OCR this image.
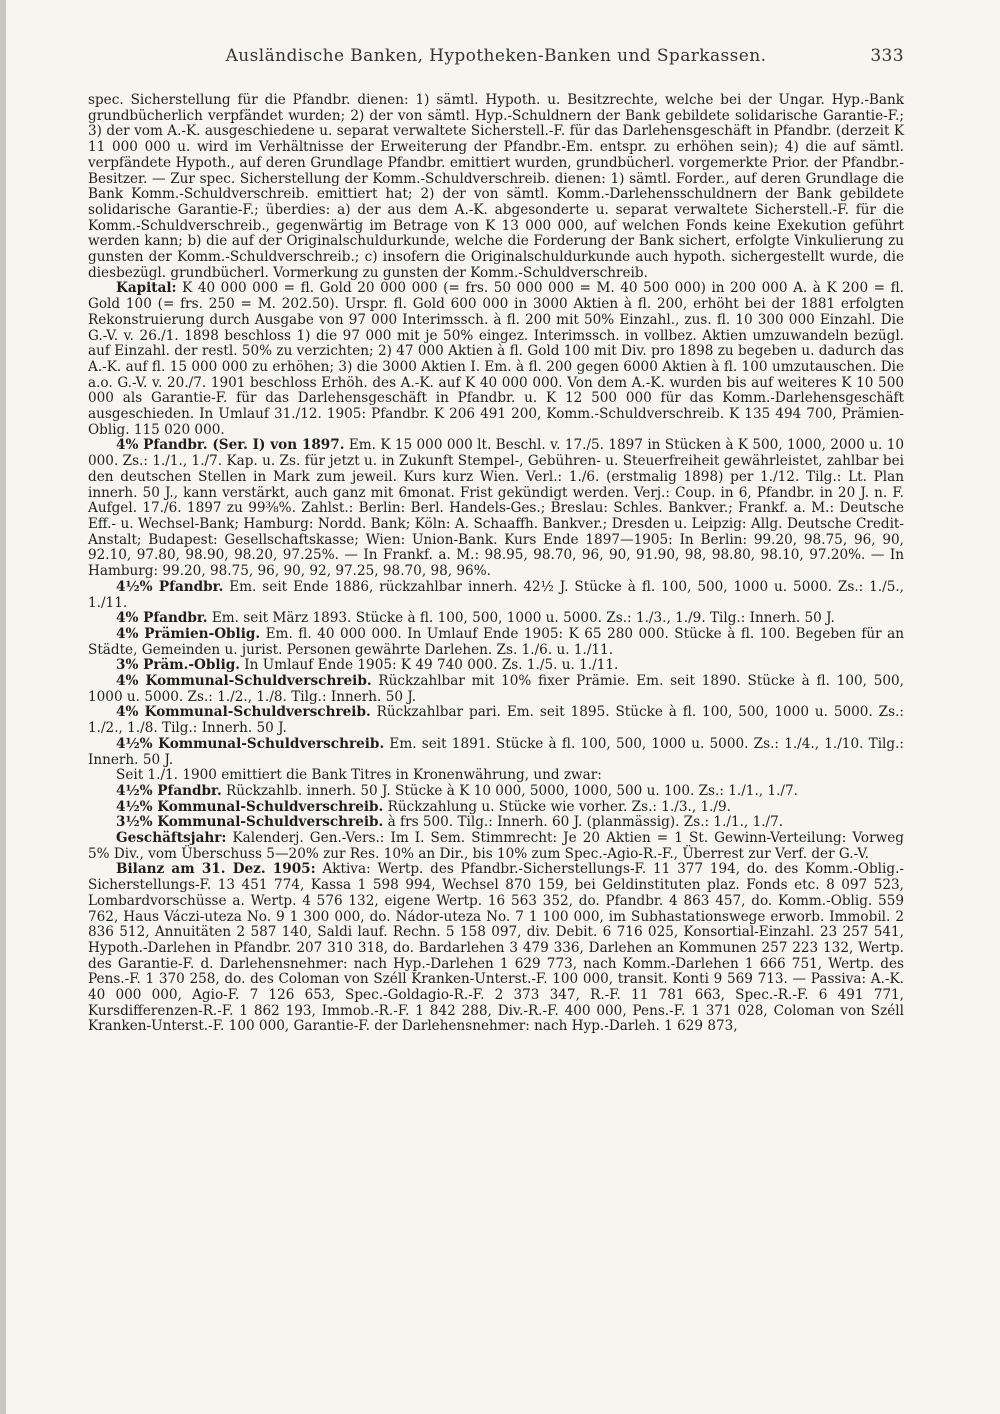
Ausländische Banken, Hypotheken-Banken und Sparkassen.	333

spec. Sicherstellung für die Pfandbr. dienen: 1) sämtl. Hypoth. u. Besitzrechte, welche bei der Ungar. Hyp.-Bank grundbücherlich verpfändet wurden; 2) der von sämtl. Hyp.-Schuldnern der Bank gebildete solidarische Garantie-F.; 3) der vom A.-K. ausgeschiedene u. separat verwaltete Sicherstell.-F. für das Darlehensgeschäft in Pfandbr. (derzeit K 11 000 000 u. wird im Verhältnisse der Erweiterung der Pfandbr.-Em. entspr. zu erhöhen sein); 4) die auf sämtl. verpfändete Hypoth., auf deren Grundlage Pfandbr. emittiert wurden, grundbücherl. vorgemerkte Prior. der Pfandbr.-Besitzer. — Zur spec. Sicherstellung der Komm.-Schuldverschreib. dienen: 1) sämtl. Forder., auf deren Grundlage die Bank Komm.-Schuldverschreib. emittiert hat; 2) der von sämtl. Komm.-Darlehensschuldnern der Bank gebildete solidarische Garantie-F.; überdies: a) der aus dem A.-K. abgesonderte u. separat verwaltete Sicherstell.-F. für die Komm.-Schuldverschreib., gegenwärtig im Betrage von K 13 000 000, auf welchen Fonds keine Exekution geführt werden kann; b) die auf der Originalschuldurkunde, welche die Forderung der Bank sichert, erfolgte Vinkulierung zu gunsten der Komm.-Schuldverschreib.; c) insofern die Originalschuldurkunde auch hypoth. sichergestellt wurde, die diesbezügl. grundbücherl. Vormerkung zu gunsten der Komm.-Schuldverschreib.

Kapital: K 40 000 000 = fl. Gold 20 000 000 (= frs. 50 000 000 = M. 40 500 000) in 200 000 A. à K 200 = fl. Gold 100 (= frs. 250 = M. 202.50). Urspr. fl. Gold 600 000 in 3000 Aktien à fl. 200, erhöht bei der 1881 erfolgten Rekonstruierung durch Ausgabe von 97 000 Interimssch. à fl. 200 mit 50% Einzahl., zus. fl. 10 300 000 Einzahl. Die G.-V. v. 26./1. 1898 beschloss 1) die 97 000 mit je 50% eingez. Interimssch. in vollbez. Aktien umzuwandeln bezügl. auf Einzahl. der restl. 50% zu verzichten; 2) 47 000 Aktien à fl. Gold 100 mit Div. pro 1898 zu begeben u. dadurch das A.-K. auf fl. 15 000 000 zu erhöhen; 3) die 3000 Aktien I. Em. à fl. 200 gegen 6000 Aktien à fl. 100 umzutauschen. Die a.o. G.-V. v. 20./7. 1901 beschloss Erhöh. des A.-K. auf K 40 000 000. Von dem A.-K. wurden bis auf weiteres K 10 500 000 als Garantie-F. für das Darlehensgeschäft in Pfandbr. u. K 12 500 000 für das Komm.-Darlehensgeschäft ausgeschieden. In Umlauf 31./12. 1905: Pfandbr. K 206 491 200, Komm.-Schuldverschreib. K 135 494 700, Prämien-Oblig. 115 020 000.

4% Pfandbr. (Ser. I) von 1897. Em. K 15 000 000 lt. Beschl. v. 17./5. 1897 in Stücken à K 500, 1000, 2000 u. 10 000. Zs.: 1./1., 1./7. Kap. u. Zs. für jetzt u. in Zukunft Stempel-, Gebühren- u. Steuerfreiheit gewährleistet, zahlbar bei den deutschen Stellen in Mark zum jeweil. Kurs kurz Wien. Verl.: 1./6. (erstmalig 1898) per 1./12. Tilg.: Lt. Plan innerh. 50 J., kann verstärkt, auch ganz mit 6monat. Frist gekündigt werden. Verj.: Coup. in 6, Pfandbr. in 20 J. n. F. Aufgel. 17./6. 1897 zu 99⅜%. Zahlst.: Berlin: Berl. Handels-Ges.; Breslau: Schles. Bankver.; Frankf. a. M.: Deutsche Eff.- u. Wechsel-Bank; Hamburg: Nordd. Bank; Köln: A. Schaaffh. Bankver.; Dresden u. Leipzig: Allg. Deutsche Credit-Anstalt; Budapest: Gesellschaftskasse; Wien: Union-Bank. Kurs Ende 1897—1905: In Berlin: 99.20, 98.75, 96, 90, 92.10, 97.80, 98.90, 98.20, 97.25%. — In Frankf. a. M.: 98.95, 98.70, 96, 90, 91.90, 98, 98.80, 98.10, 97.20%. — In Hamburg: 99.20, 98.75, 96, 90, 92, 97.25, 98.70, 98, 96%.

4½% Pfandbr. Em. seit Ende 1886, rückzahlbar innerh. 42½ J. Stücke à fl. 100, 500, 1000 u. 5000. Zs.: 1./5., 1./11.

4% Pfandbr. Em. seit März 1893. Stücke à fl. 100, 500, 1000 u. 5000. Zs.: 1./3., 1./9. Tilg.: Innerh. 50 J.

4% Prämien-Oblig. Em. fl. 40 000 000. In Umlauf Ende 1905: K 65 280 000. Stücke à fl. 100. Begeben für an Städte, Gemeinden u. jurist. Personen gewährte Darlehen. Zs. 1./6. u. 1./11.

3% Präm.-Oblig. In Umlauf Ende 1905: K 49 740 000. Zs. 1./5. u. 1./11.

4% Kommunal-Schuldverschreib. Rückzahlbar mit 10% fixer Prämie. Em. seit 1890. Stücke à fl. 100, 500, 1000 u. 5000. Zs.: 1./2., 1./8. Tilg.: Innerh. 50 J.

4% Kommunal-Schuldverschreib. Rückzahlbar pari. Em. seit 1895. Stücke à fl. 100, 500, 1000 u. 5000. Zs.: 1./2., 1./8. Tilg.: Innerh. 50 J.

4½% Kommunal-Schuldverschreib. Em. seit 1891. Stücke à fl. 100, 500, 1000 u. 5000. Zs.: 1./4., 1./10. Tilg.: Innerh. 50 J.

Seit 1./1. 1900 emittiert die Bank Titres in Kronenwährung, und zwar:

4½% Pfandbr. Rückzahlb. innerh. 50 J. Stücke à K 10 000, 5000, 1000, 500 u. 100. Zs.: 1./1., 1./7.

4½% Kommunal-Schuldverschreib. Rückzahlung u. Stücke wie vorher. Zs.: 1./3., 1./9.

3½% Kommunal-Schuldverschreib. à frs 500. Tilg.: Innerh. 60 J. (planmässig). Zs.: 1./1., 1./7.

Geschäftsjahr: Kalenderj. Gen.-Vers.: Im I. Sem. Stimmrecht: Je 20 Aktien = 1 St. Gewinn-Verteilung: Vorweg 5% Div., vom Überschuss 5—20% zur Res. 10% an Dir., bis 10% zum Spec.-Agio-R.-F., Überrest zur Verf. der G.-V.

Bilanz am 31. Dez. 1905: Aktiva: Wertp. des Pfandbr.-Sicherstellungs-F. 11 377 194, do. des Komm.-Oblig.-Sicherstellungs-F. 13 451 774, Kassa 1 598 994, Wechsel 870 159, bei Geldinstituten plaz. Fonds etc. 8 097 523, Lombardvorschüsse a. Wertp. 4 576 132, eigene Wertp. 16 563 352, do. Pfandbr. 4 863 457, do. Komm.-Oblig. 559 762, Haus Váczi-uteza No. 9 1 300 000, do. Nádor-uteza No. 7 1 100 000, im Subhastationswege erworb. Immobil. 2 836 512, Annuitäten 2 587 140, Saldi lauf. Rechn. 5 158 097, div. Debit. 6 716 025, Konsortial-Einzahl. 23 257 541, Hypoth.-Darlehen in Pfandbr. 207 310 318, do. Bardarlehen 3 479 336, Darlehen an Kommunen 257 223 132, Wertp. des Garantie-F. d. Darlehensnehmer: nach Hyp.-Darlehen 1 629 773, nach Komm.-Darlehen 1 666 751, Wertp. des Pens.-F. 1 370 258, do. des Coloman von Széll Kranken-Unterst.-F. 100 000, transit. Konti 9 569 713. — Passiva: A.-K. 40 000 000, Agio-F. 7 126 653, Spec.-Goldagio-R.-F. 2 373 347, R.-F. 11 781 663, Spec.-R.-F. 6 491 771, Kursdifferenzen-R.-F. 1 862 193, Immob.-R.-F. 1 842 288, Div.-R.-F. 400 000, Pens.-F. 1 371 028, Coloman von Széll Kranken-Unterst.-F. 100 000, Garantie-F. der Darlehensnehmer: nach Hyp.-Darleh. 1 629 873,
